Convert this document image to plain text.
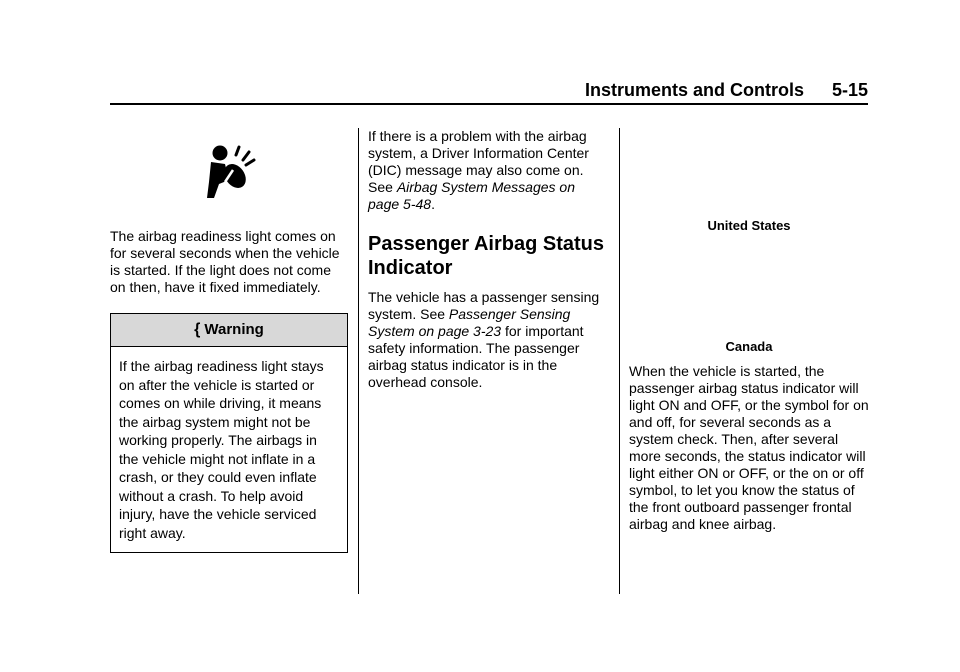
Instruments and Controls 5-15

The airbag readiness light comes on for several seconds when the vehicle is started. If the light does not come on then, have it fixed immediately.

{ Warning
If the airbag readiness light stays on after the vehicle is started or comes on while driving, it means the airbag system might not be working properly. The airbags in the vehicle might not inflate in a crash, or they could even inflate without a crash. To help avoid injury, have the vehicle serviced right away.

If there is a problem with the airbag system, a Driver Information Center (DIC) message may also come on. See Airbag System Messages on page 5-48.

Passenger Airbag Status Indicator

The vehicle has a passenger sensing system. See Passenger Sensing System on page 3-23 for important safety information. The passenger airbag status indicator is in the overhead console.

United States
Canada

When the vehicle is started, the passenger airbag status indicator will light ON and OFF, or the symbol for on and off, for several seconds as a system check. Then, after several more seconds, the status indicator will light either ON or OFF, or the on or off symbol, to let you know the status of the front outboard passenger frontal airbag and knee airbag.
